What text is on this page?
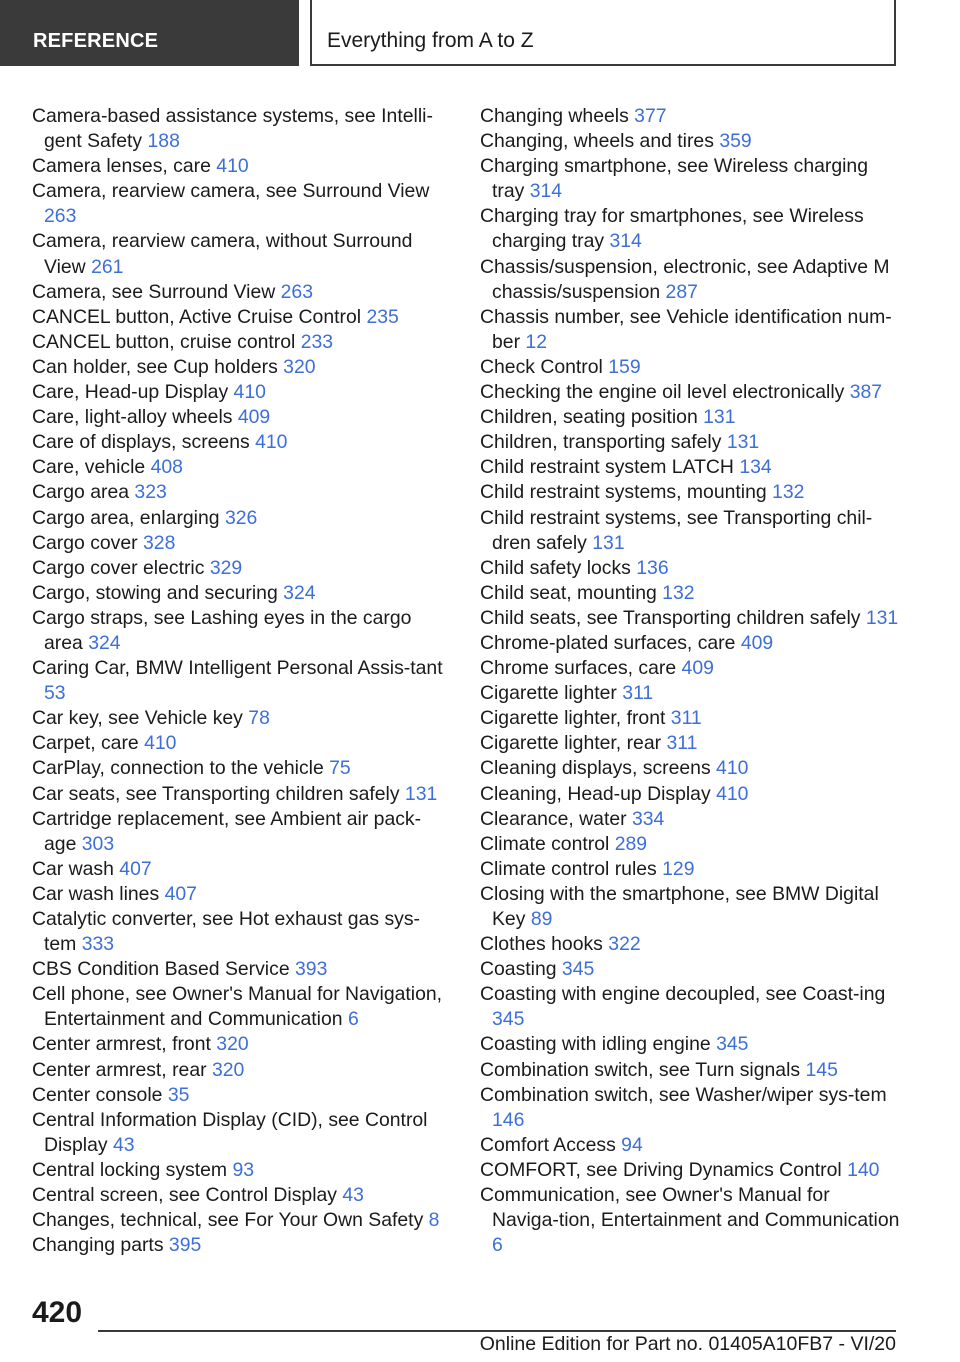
REFERENCE	Everything from A to Z
Camera-based assistance systems, see Intelli‐gent Safety 188
Camera lenses, care 410
Camera, rearview camera, see Surround View 263
Camera, rearview camera, without Surround View 261
Camera, see Surround View 263
CANCEL button, Active Cruise Control 235
CANCEL button, cruise control 233
Can holder, see Cup holders 320
Care, Head-up Display 410
Care, light-alloy wheels 409
Care of displays, screens 410
Care, vehicle 408
Cargo area 323
Cargo area, enlarging 326
Cargo cover 328
Cargo cover electric 329
Cargo, stowing and securing 324
Cargo straps, see Lashing eyes in the cargo area 324
Caring Car, BMW Intelligent Personal Assis‐tant 53
Car key, see Vehicle key 78
Carpet, care 410
CarPlay, connection to the vehicle 75
Car seats, see Transporting children safely 131
Cartridge replacement, see Ambient air pack‐age 303
Car wash 407
Car wash lines 407
Catalytic converter, see Hot exhaust gas sys‐tem 333
CBS Condition Based Service 393
Cell phone, see Owner's Manual for Navigation, Entertainment and Communication 6
Center armrest, front 320
Center armrest, rear 320
Center console 35
Central Information Display (CID), see Control Display 43
Central locking system 93
Central screen, see Control Display 43
Changes, technical, see For Your Own Safety 8
Changing parts 395
Changing wheels 377
Changing, wheels and tires 359
Charging smartphone, see Wireless charging tray 314
Charging tray for smartphones, see Wireless charging tray 314
Chassis/suspension, electronic, see Adaptive M chassis/suspension 287
Chassis number, see Vehicle identification num‐ber 12
Check Control 159
Checking the engine oil level electronically 387
Children, seating position 131
Children, transporting safely 131
Child restraint system LATCH 134
Child restraint systems, mounting 132
Child restraint systems, see Transporting chil‐dren safely 131
Child safety locks 136
Child seat, mounting 132
Child seats, see Transporting children safely 131
Chrome-plated surfaces, care 409
Chrome surfaces, care 409
Cigarette lighter 311
Cigarette lighter, front 311
Cigarette lighter, rear 311
Cleaning displays, screens 410
Cleaning, Head-up Display 410
Clearance, water 334
Climate control 289
Climate control rules 129
Closing with the smartphone, see BMW Digital Key 89
Clothes hooks 322
Coasting 345
Coasting with engine decoupled, see Coast‐ing 345
Coasting with idling engine 345
Combination switch, see Turn signals 145
Combination switch, see Washer/wiper sys‐tem 146
Comfort Access 94
COMFORT, see Driving Dynamics Control 140
Communication, see Owner's Manual for Naviga‐tion, Entertainment and Communication 6
420
Online Edition for Part no. 01405A10FB7 - VI/20
